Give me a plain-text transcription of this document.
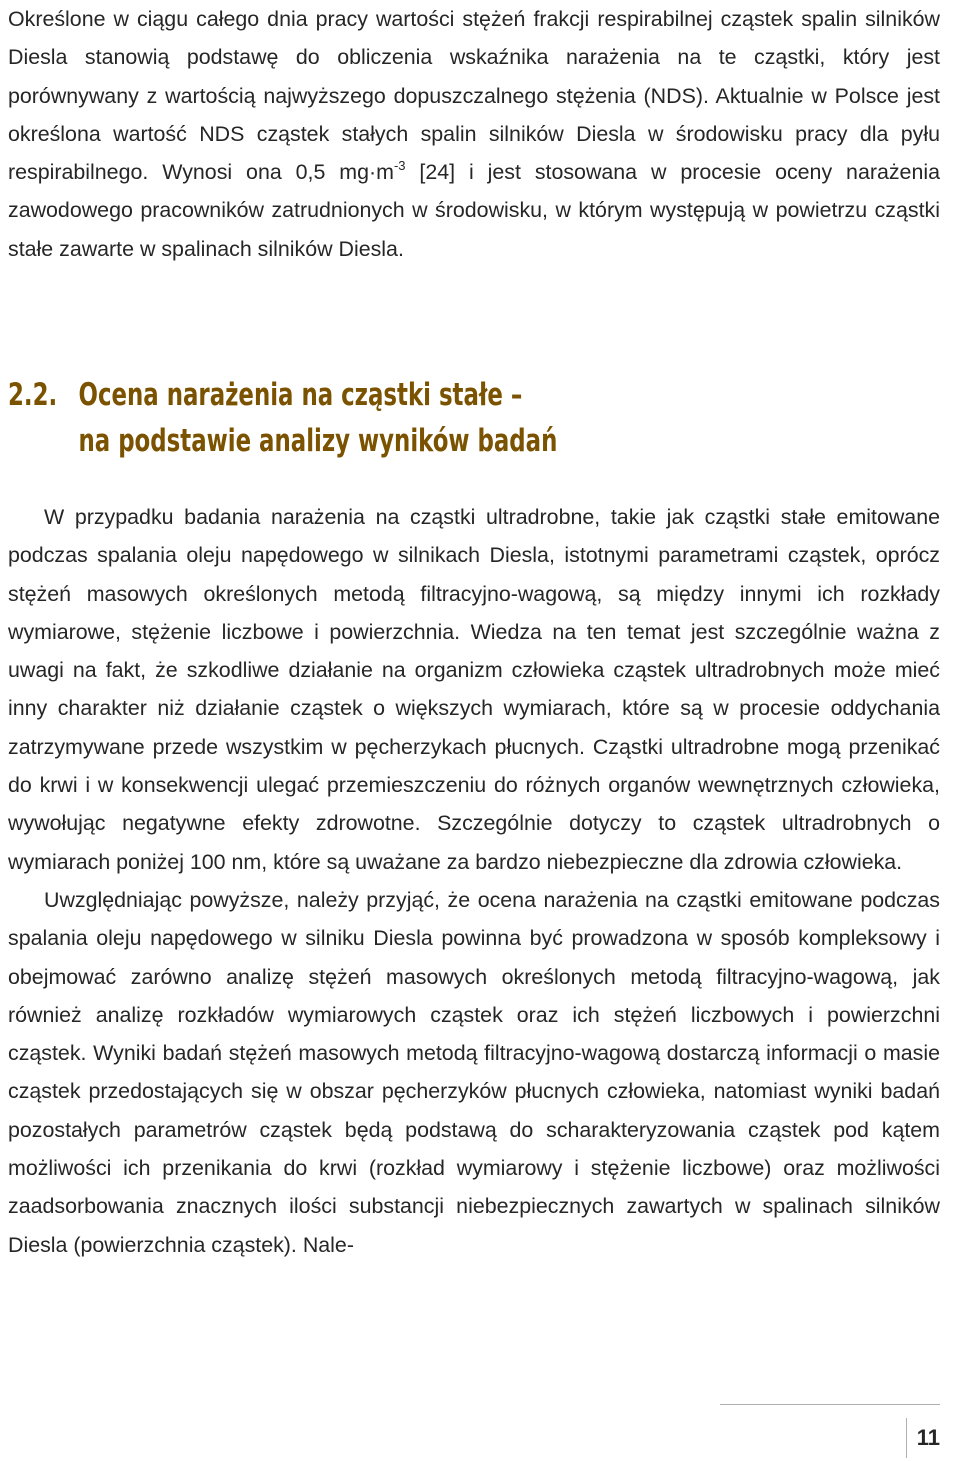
Określone w ciągu całego dnia pracy wartości stężeń frakcji respirabilnej cząstek spalin silników Diesla stanowią podstawę do obliczenia wskaźnika narażenia na te cząstki, który jest porównywany z wartością najwyższego dopuszczalnego stężenia (NDS). Aktualnie w Polsce jest określona wartość NDS cząstek stałych spalin silników Diesla w środowisku pracy dla pyłu respirabilnego. Wynosi ona 0,5 $mg\cdot m^{-3}$ [24] i jest stosowana w procesie oceny narażenia zawodowego pracowników zatrudnionych w środowisku, w którym występują w powietrzu cząstki stałe zawarte w spalinach silników Diesla.

2.2. Ocena narażenia na cząstki stałe –
na podstawie analizy wyników badań

W przypadku badania narażenia na cząstki ultradrobne, takie jak cząstki stałe emitowane podczas spalania oleju napędowego w silnikach Diesla, istotnymi parametrami cząstek, oprócz stężeń masowych określonych metodą filtracyjno-wagową, są między innymi ich rozkłady wymiarowe, stężenie liczbowe i powierzchnia. Wiedza na ten temat jest szczególnie ważna z uwagi na fakt, że szkodliwe działanie na organizm człowieka cząstek ultradrobnych może mieć inny charakter niż działanie cząstek o większych wymiarach, które są w procesie oddychania zatrzymywane przede wszystkim w pęcherzykach płucnych. Cząstki ultradrobne mogą przenikać do krwi i w konsekwencji ulegać przemieszczeniu do różnych organów wewnętrznych człowieka, wywołując negatywne efekty zdrowotne. Szczególnie dotyczy to cząstek ultradrobnych o wymiarach poniżej 100 nm, które są uważane za bardzo niebezpieczne dla zdrowia człowieka.

Uwzględniając powyższe, należy przyjąć, że ocena narażenia na cząstki emitowane podczas spalania oleju napędowego w silniku Diesla powinna być prowadzona w sposób kompleksowy i obejmować zarówno analizę stężeń masowych określonych metodą filtracyjno-wagową, jak również analizę rozkładów wymiarowych cząstek oraz ich stężeń liczbowych i powierzchni cząstek. Wyniki badań stężeń masowych metodą filtracyjno-wagową dostarczą informacji o masie cząstek przedostających się w obszar pęcherzyków płucnych człowieka, natomiast wyniki badań pozostałych parametrów cząstek będą podstawą do scharakteryzowania cząstek pod kątem możliwości ich przenikania do krwi (rozkład wymiarowy i stężenie liczbowe) oraz możliwości zaadsorbowania znacznych ilości substancji niebezpiecznych zawartych w spalinach silników Diesla (powierzchnia cząstek). Nale-

11
